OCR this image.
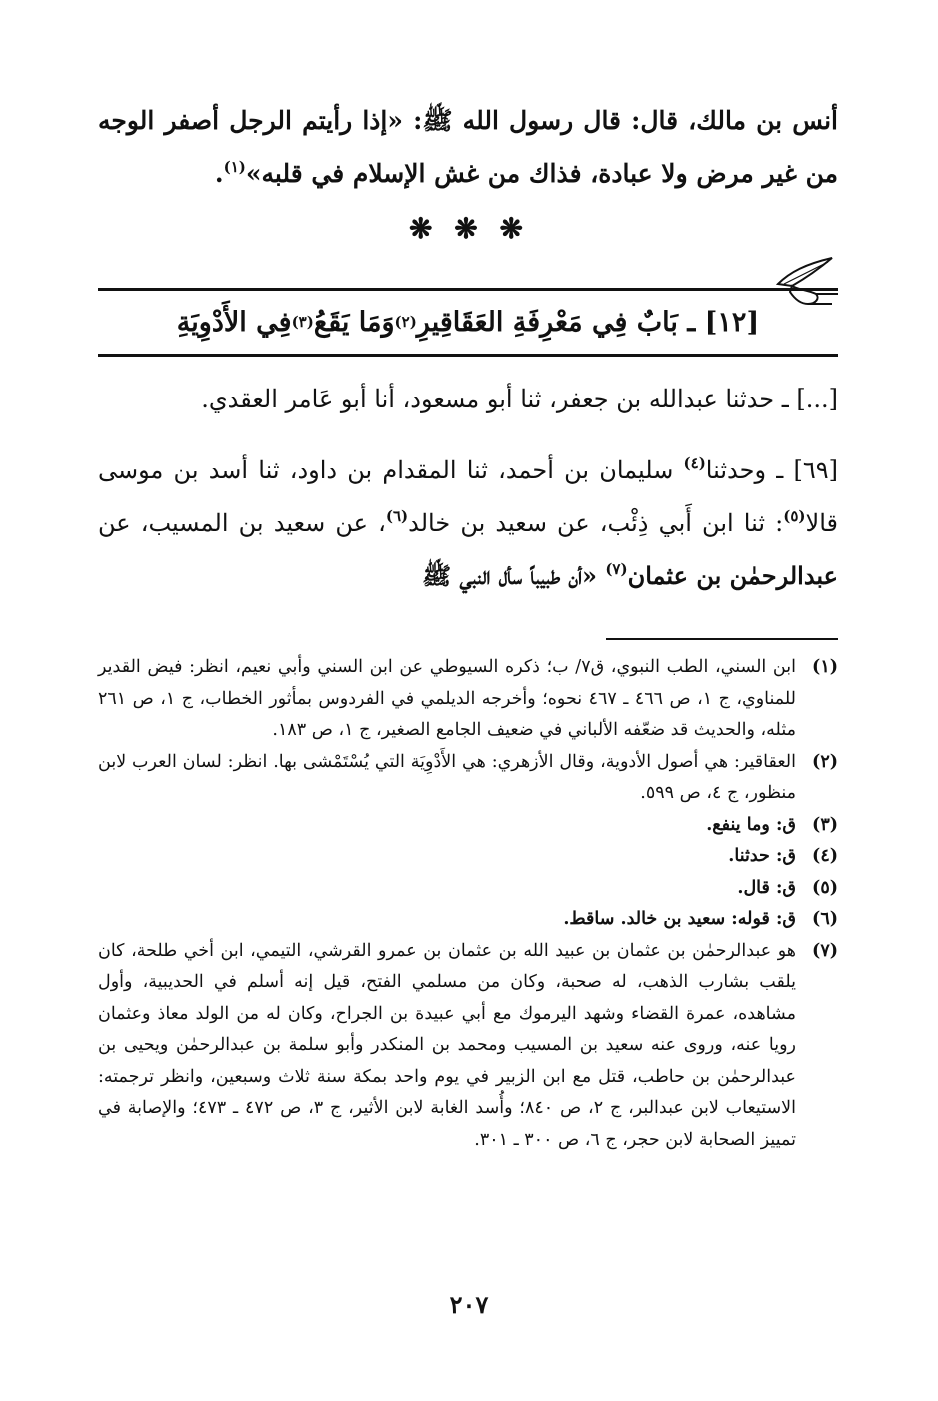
أنس بن مالك، قال: قال رسول الله ﷺ: «إذا رأيتم الرجل أصفر الوجه من غير مرض ولا عبادة، فذاك من غش الإسلام في قلبه»$^{(١)}$.
❋ ❋ ❋
[١٢] ـ بَابٌ فِي مَعْرِفَةِ العَقَاقِيرِ
(٢)
وَمَا يَقَعُ
(٣)
فِي الأَدْوِيَةِ

[...] ـ حدثنا عبدالله بن جعفر، ثنا أبو مسعود، أنا أبو عَامر العقدي.

[٦٩] ـ وحدثنا$^{(٤)}$ سليمان بن أحمد، ثنا المقدام بن داود، ثنا أسد بن موسى قالا$^{(٥)}$: ثنا ابن أَبي ذِئْب، عن سعيد بن خالد$^{(٦)}$، عن سعيد بن المسيب، عن عبدالرحمٰن بن عثمان$^{(٧)}$ «أن طبيباً سأل النبي ﷺ

(١)
ابن السني، الطب النبوي، ق٧/ ب؛ ذكره السيوطي عن ابن السني وأبي نعيم، انظر: فيض القدير للمناوي، ج ١، ص ٤٦٦ ـ ٤٦٧ نحوه؛ وأخرجه الديلمي في الفردوس بمأثور الخطاب، ج ١، ص ٢٦١ مثله، والحديث قد ضعّفه الألباني في ضعيف الجامع الصغير، ج ١، ص ١٨٣.
(٢)
العقاقير: هي أصول الأدوية، وقال الأزهري: هي الأَدْوِيَة التي يُسْتَمْشى بها. انظر: لسان العرب لابن منظور، ج ٤، ص ٥٩٩.
(٣)
ق: وما ينفع.
(٤)
ق: حدثنا.
(٥)
ق: قال.
(٦)
ق: قوله: سعيد بن خالد. ساقط.
(٧)
هو عبدالرحمٰن بن عثمان بن عبيد الله بن عثمان بن عمرو القرشي، التيمي، ابن أخي طلحة، كان يلقب بشارب الذهب، له صحبة، وكان من مسلمي الفتح، قيل إنه أسلم في الحديبية، وأول مشاهده، عمرة القضاء وشهد اليرموك مع أبي عبيدة بن الجراح، وكان له من الولد معاذ وعثمان رويا عنه، وروى عنه سعيد بن المسيب ومحمد بن المنكدر وأبو سلمة بن عبدالرحمٰن ويحيى بن عبدالرحمٰن بن حاطب، قتل مع ابن الزبير في يوم واحد بمكة سنة ثلاث وسبعين، وانظر ترجمته: الاستيعاب لابن عبدالبر، ج ٢، ص ٨٤٠؛ وأُسد الغابة لابن الأثير، ج ٣، ص ٤٧٢ ـ ٤٧٣؛ والإصابة في تمييز الصحابة لابن حجر، ج ٦، ص ٣٠٠ ـ ٣٠١.
٢٠٧
